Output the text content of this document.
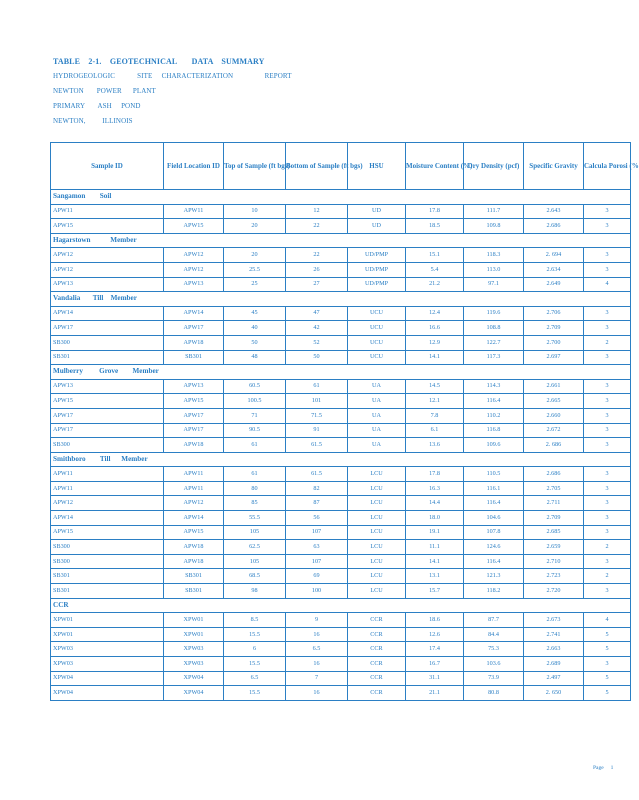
TABLE    2-1.    GEOTECHNICAL       DATA    SUMMARY
HYDROGEOLOGIC            SITE     CHARACTERIZATION                 REPORT
NEWTON       POWER      PLANT
PRIMARY       ASH     POND
NEWTON,         ILLINOIS
Sample ID	Field Location ID	Top of Sample (ft bgs)	Bottom of Sample (ft bgs)	HSU	Moisture Content (%)	Dry Density (pcf)	Specific Gravity	Calcula Porosi (%
Sangamon        Soil								
APW11	APW11	10	12	UD	17.8	111.7	2.643	3
APW15	APW15	20	22	UD	18.5	109.8	2.686	3
Hagarstown           Member								
APW12	APW12	20	22	UD/PMP	15.1	118.3	2. 694	3
APW12	APW12	25.5	26	UD/PMP	5.4	113.0	2.634	3
APW13	APW13	25	27	UD/PMP	21.2	97.1	2.649	4
Vandalia       Till    Member								
APW14	APW14	45	47	UCU	12.4	119.6	2.706	3
APW17	APW17	40	42	UCU	16.6	108.8	2.709	3
SB300	APW18	50	52	UCU	12.9	122.7	2.700	2
SB301	SB301	48	50	UCU	14.1	117.3	2.697	3
Mulberry         Grove        Member								
APW13	APW13	60.5	61	UA	14.5	114.3	2.661	3
APW15	APW15	100.5	101	UA	12.1	116.4	2.665	3
APW17	APW17	71	71.5	UA	7.8	110.2	2.660	3
APW17	APW17	90.5	91	UA	6.1	116.8	2.672	3
SB300	APW18	61	61.5	UA	13.6	109.6	2. 686	3
Smithboro        Till      Member								
APW11	APW11	61	61.5	LCU	17.8	110.5	2.686	3
APW11	APW11	80	82	LCU	16.3	116.1	2.705	3
APW12	APW12	85	87	LCU	14.4	116.4	2.711	3
APW14	APW14	55.5	56	LCU	18.0	104.6	2.709	3
APW15	APW15	105	107	LCU	19.1	107.8	2.685	3
SB300	APW18	62.5	63	LCU	11.1	124.6	2.659	2
SB300	APW18	105	107	LCU	14.1	116.4	2.710	3
SB301	SB301	68.5	69	LCU	13.1	121.3	2.723	2
SB301	SB301	98	100	LCU	15.7	118.2	2.720	3
CCR								
XPW01	XPW01	8.5	9	CCR	18.6	87.7	2.673	4
XPW01	XPW01	15.5	16	CCR	12.6	84.4	2.741	5
XPW03	XPW03	6	6.5	CCR	17.4	75.3	2.663	5
XPW03	XPW03	15.5	16	CCR	16.7	103.6	2.689	3
XPW04	XPW04	6.5	7	CCR	31.1	73.9	2.497	5
XPW04	XPW04	15.5	16	CCR	21.1	80.8	2. 650	5
Page     1
